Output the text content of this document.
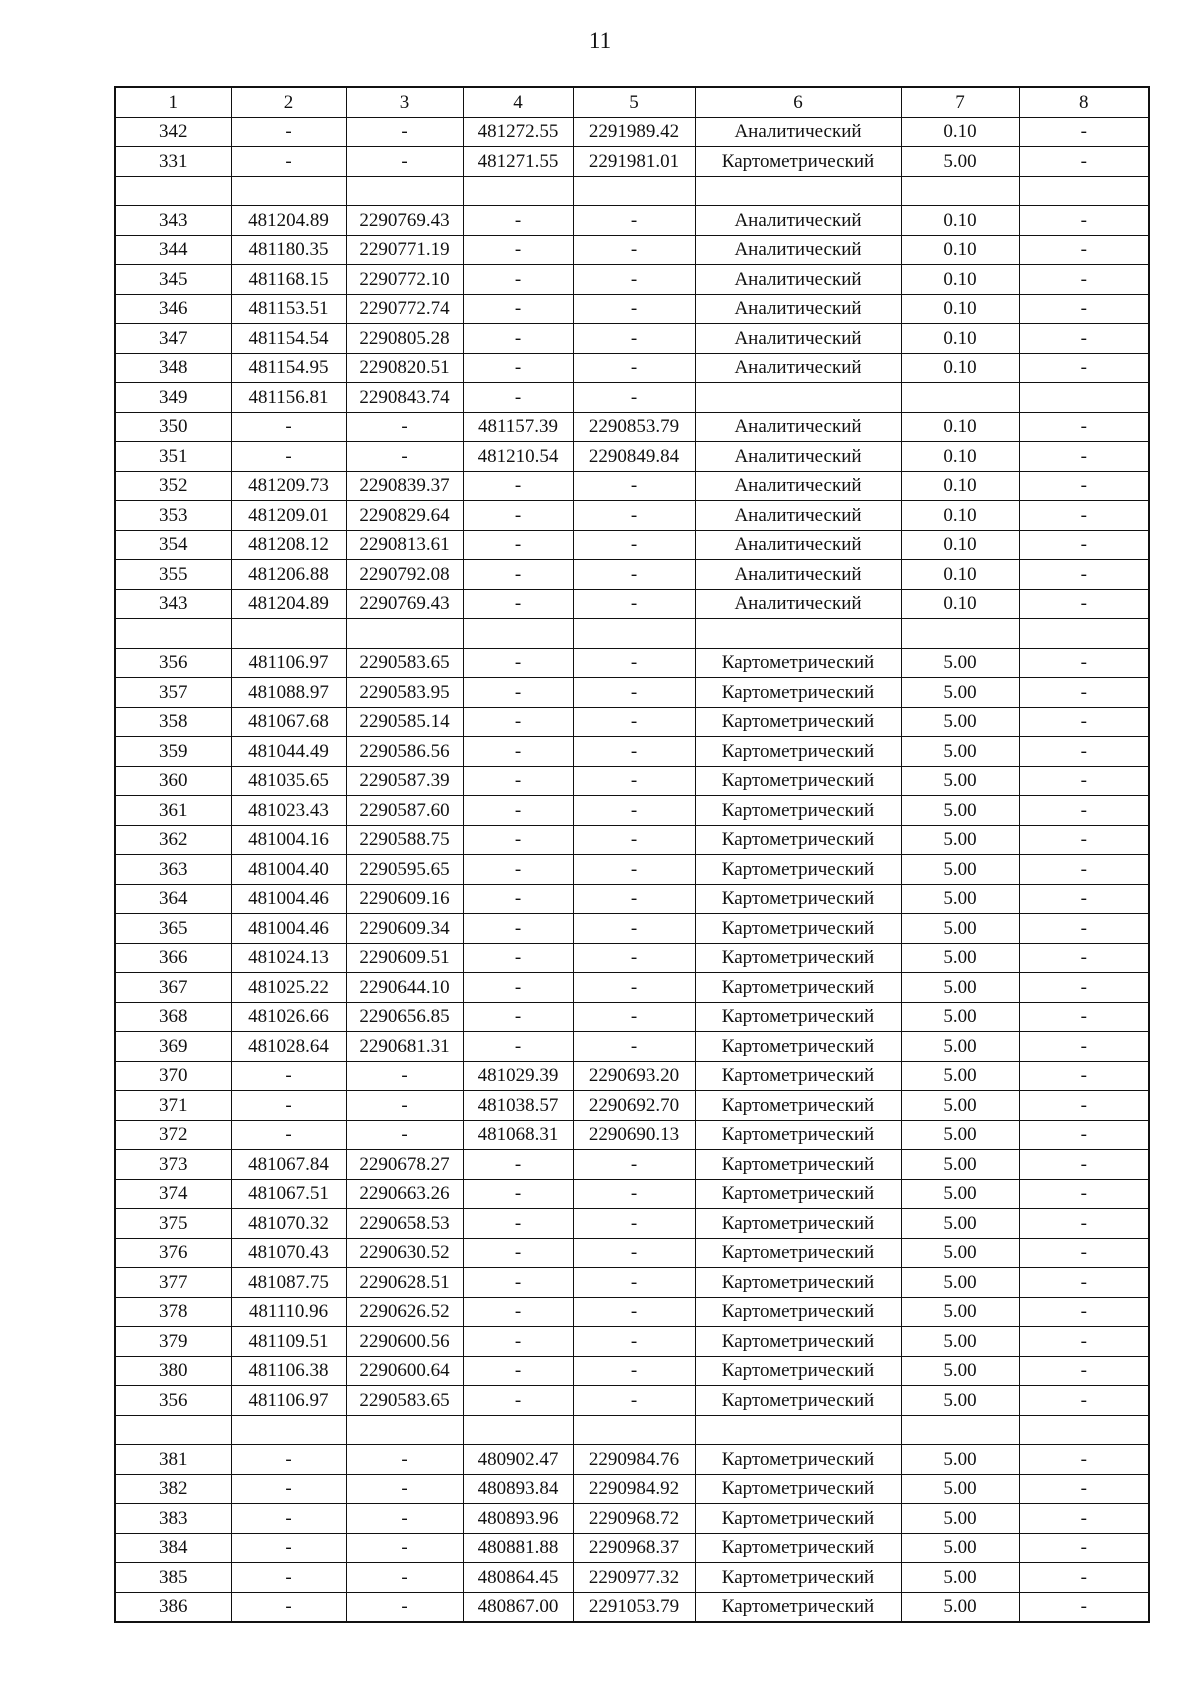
11
1	2	3	4	5	6	7	8
342	-	-	481272.55	2291989.42	Аналитический	0.10	-
331	-	-	481271.55	2291981.01	Картометрический	5.00	-

343	481204.89	2290769.43	-	-	Аналитический	0.10	-
344	481180.35	2290771.19	-	-	Аналитический	0.10	-
345	481168.15	2290772.10	-	-	Аналитический	0.10	-
346	481153.51	2290772.74	-	-	Аналитический	0.10	-
347	481154.54	2290805.28	-	-	Аналитический	0.10	-
348	481154.95	2290820.51	-	-	Аналитический	0.10	-
349	481156.81	2290843.74	-	-			
350	-	-	481157.39	2290853.79	Аналитический	0.10	-
351	-	-	481210.54	2290849.84	Аналитический	0.10	-
352	481209.73	2290839.37	-	-	Аналитический	0.10	-
353	481209.01	2290829.64	-	-	Аналитический	0.10	-
354	481208.12	2290813.61	-	-	Аналитический	0.10	-
355	481206.88	2290792.08	-	-	Аналитический	0.10	-
343	481204.89	2290769.43	-	-	Аналитический	0.10	-

356	481106.97	2290583.65	-	-	Картометрический	5.00	-
357	481088.97	2290583.95	-	-	Картометрический	5.00	-
358	481067.68	2290585.14	-	-	Картометрический	5.00	-
359	481044.49	2290586.56	-	-	Картометрический	5.00	-
360	481035.65	2290587.39	-	-	Картометрический	5.00	-
361	481023.43	2290587.60	-	-	Картометрический	5.00	-
362	481004.16	2290588.75	-	-	Картометрический	5.00	-
363	481004.40	2290595.65	-	-	Картометрический	5.00	-
364	481004.46	2290609.16	-	-	Картометрический	5.00	-
365	481004.46	2290609.34	-	-	Картометрический	5.00	-
366	481024.13	2290609.51	-	-	Картометрический	5.00	-
367	481025.22	2290644.10	-	-	Картометрический	5.00	-
368	481026.66	2290656.85	-	-	Картометрический	5.00	-
369	481028.64	2290681.31	-	-	Картометрический	5.00	-
370	-	-	481029.39	2290693.20	Картометрический	5.00	-
371	-	-	481038.57	2290692.70	Картометрический	5.00	-
372	-	-	481068.31	2290690.13	Картометрический	5.00	-
373	481067.84	2290678.27	-	-	Картометрический	5.00	-
374	481067.51	2290663.26	-	-	Картометрический	5.00	-
375	481070.32	2290658.53	-	-	Картометрический	5.00	-
376	481070.43	2290630.52	-	-	Картометрический	5.00	-
377	481087.75	2290628.51	-	-	Картометрический	5.00	-
378	481110.96	2290626.52	-	-	Картометрический	5.00	-
379	481109.51	2290600.56	-	-	Картометрический	5.00	-
380	481106.38	2290600.64	-	-	Картометрический	5.00	-
356	481106.97	2290583.65	-	-	Картометрический	5.00	-

381	-	-	480902.47	2290984.76	Картометрический	5.00	-
382	-	-	480893.84	2290984.92	Картометрический	5.00	-
383	-	-	480893.96	2290968.72	Картометрический	5.00	-
384	-	-	480881.88	2290968.37	Картометрический	5.00	-
385	-	-	480864.45	2290977.32	Картометрический	5.00	-
386	-	-	480867.00	2291053.79	Картометрический	5.00	-
